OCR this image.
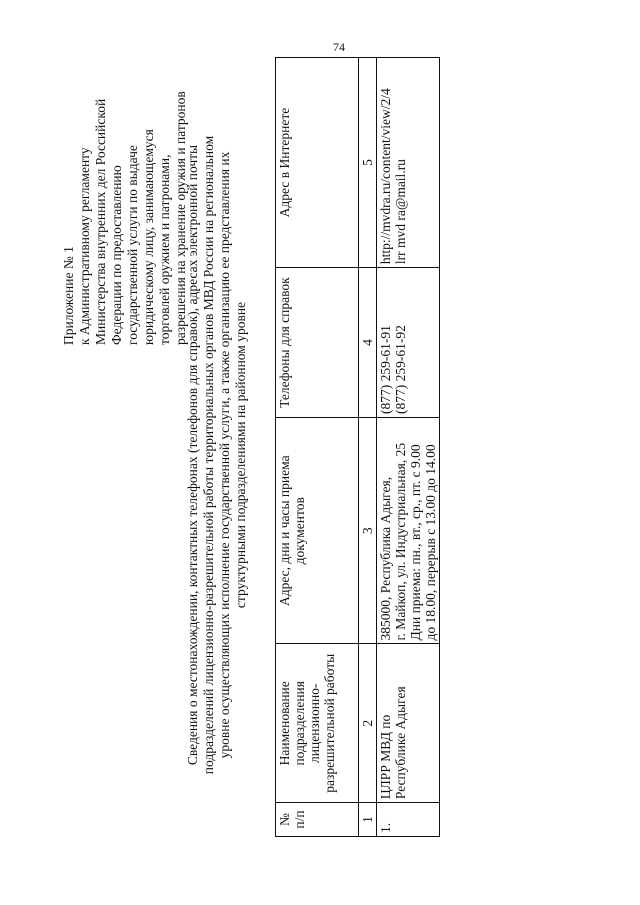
74
Приложение № 1 к Административному регламенту Министерства внутренних дел Российской Федерации по предоставлению государственной услуги по выдаче юридическому лицу, занимающемуся торговлей оружием и патронами, разрешения на хранение оружия и патронов
Сведения о местонахождении, контактных телефонах (телефонов для справок), адресах электронной почты подразделений лицензионно-разрешительной работы территориальных органов МВД России на региональном уровне осуществляющих исполнение государственной услуги, а также организацию ее представления их структурными подразделениями на районном уровне
№ п/п	Наименование подразделения лицензионно-разрешительной работы	Адрес, дни и часы приема документов	Телефоны для справок	Адрес в Интернете
1	2	3	4	5
1.	ЦЛРР МВД по Республике Адыгея	385000, Республика Адыгея, г. Майкоп, ул. Индустриальная, 25 Дни приема: пн., вт., ср., пт. с 9.00 до 18.00, перерыв с 13.00 до 14.00	(877) 259-61-91 (877) 259-61-92	http://mvdra.ru/content/view/2/4 lrr mvd ra@mail.ru
